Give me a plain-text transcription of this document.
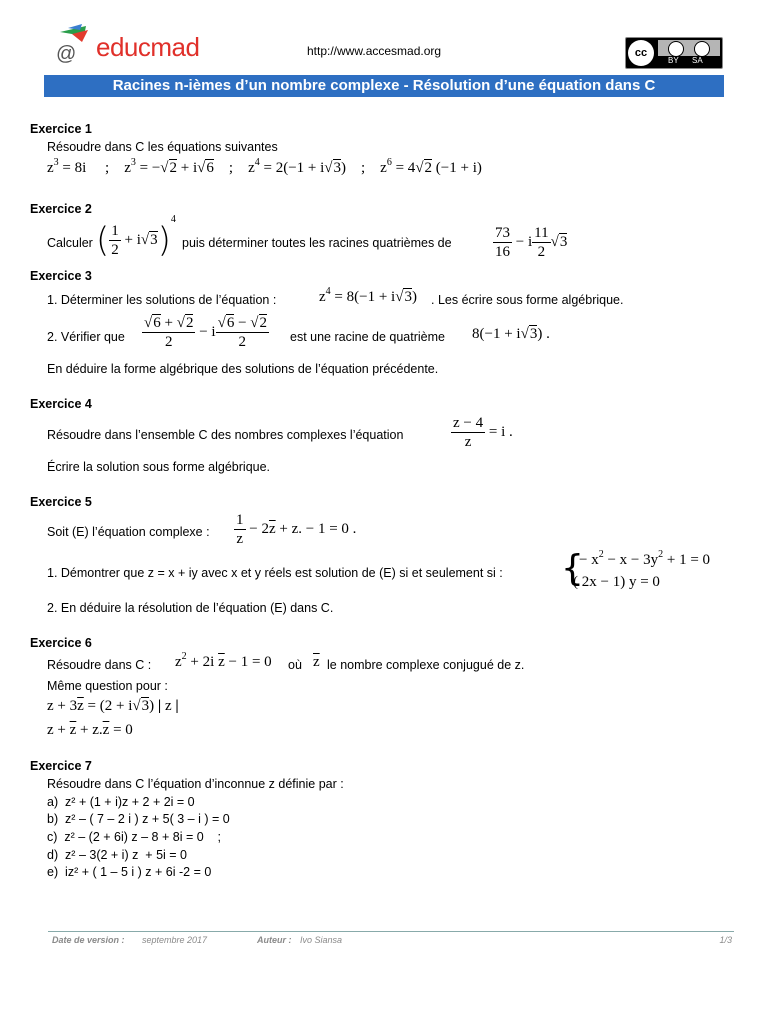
@ educmad	http://www.accesmad.org	cc
BY SA
Racines n-ièmes d’un nombre complexe - Résolution d’une équation dans C
Exercice 1
Résoudre dans C les équations suivantes
$z^3 = 8i$     ;    $z^3 = -√2 + i√6$    ;    $z^4 = 2(-1 + i√3)$    ;    $z^6 = 4√2$ (−1 + i)
Exercice 2
Calculer ( $\frac{1}{2} + i√3)^4$
puis déterminer toutes les racines quatrièmes de	$\frac{73}{16} - i \frac{11}{2} √3$
Exercice 3
1. Déterminer les solutions de l’équation :	$z^4 = 8(-1 + i√3)$ . Les écrire sous forme algébrique.
2. Vérifier que $\frac{√6 + √2}{2} - i \frac{√6 - √2}{2}$ est une racine de quatrième 8(−1 + i√3) .
En déduire la forme algébrique des solutions de l’équation précédente.
Exercice 4
Résoudre dans l’ensemble C des nombres complexes l’équation	$\frac{z - 4}{z} = i$ .
Écrire la solution sous forme algébrique.
Exercice 5
Soit (E) l’équation complexe : $\frac{1}{z} - 2\overline{z} + z$. − 1 = 0 .
1. Démontrer que z = x + iy avec x et y réels est solution de (E) si et seulement si : {
− $x^2 - x - 3y^2 + 1 = 0$
( 2x − 1) y = 0
2. En déduire la résolution de l’équation (E) dans C.
Exercice 6
Résoudre dans C : $z^2 + 2i$ $\overline{z} - 1 = 0$ où $\overline{z}$ le nombre complexe conjugué de z.
Même question pour :
$z + 3\overline{z} = (2 + i√3)$ | z |
$z + \overline{z} + z.\overline{z} = 0$
Exercice 7
Résoudre dans C l’équation d’inconnue z définie par :
a)  z² + (1 + i)z + 2 + 2i = 0
b)  z² – ( 7 – 2 i ) z + 5( 3 – i ) = 0
c)  z² – (2 + 6i) z – 8 + 8i = 0    ;
d)  z² – 3(2 + i) z  + 5i = 0
e)  iz² + ( 1 – 5 i ) z + 6i -2 = 0
Date de version : septembre 2017	Auteur : Ivo Siansa	1/3
